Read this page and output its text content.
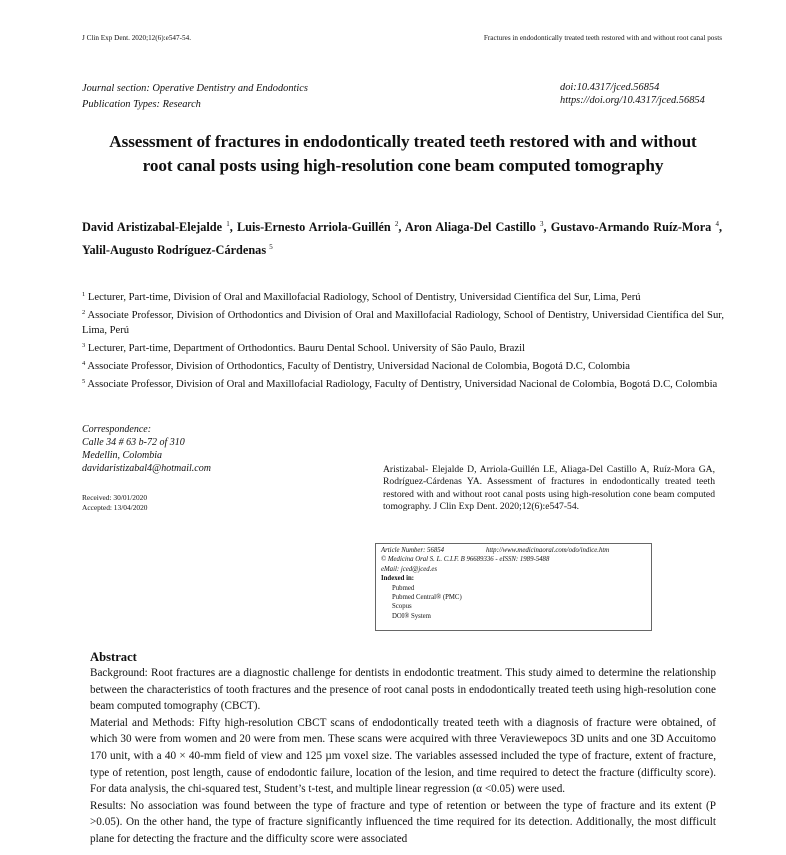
J Clin Exp Dent. 2020;12(6):e547-54.	Fractures in endodontically treated teeth restored with and without root canal posts
Journal section: Operative Dentistry and Endodontics
Publication Types: Research
doi:10.4317/jced.56854
https://doi.org/10.4317/jced.56854
Assessment of fractures in endodontically treated teeth restored with and without
root canal posts using high-resolution cone beam computed tomography
David Aristizabal-Elejalde $^1$, Luis-Ernesto Arriola-Guillén $^2$, Aron Aliaga-Del Castillo $^3$, Gustavo-Armando Ruíz-Mora $^4$, Yalil-Augusto Rodríguez-Cárdenas $^5$
$^1$ Lecturer, Part-time, Division of Oral and Maxillofacial Radiology, School of Dentistry, Universidad Científica del Sur, Lima, Perú
$^2$ Associate Professor, Division of Orthodontics and Division of Oral and Maxillofacial Radiology, School of Dentistry, Universidad Científica del Sur, Lima, Perú
$^3$ Lecturer, Part-time, Department of Orthodontics. Bauru Dental School. University of São Paulo, Brazil
$^4$ Associate Professor, Division of Orthodontics, Faculty of Dentistry, Universidad Nacional de Colombia, Bogotá D.C, Colombia
$^5$ Associate Professor, Division of Oral and Maxillofacial Radiology, Faculty of Dentistry, Universidad Nacional de Colombia, Bogotá D.C, Colombia
Correspondence:
Calle 34 # 63 b-72 of 310
Medellin, Colombia
davidaristizabal4@hotmail.com
Received: 30/01/2020
Accepted: 13/04/2020
Aristizabal- Elejalde D, Arriola-Guillén LE, Aliaga-Del Castillo A, Ruíz-Mora GA, Rodríguez-Cárdenas YA. Assessment of fractures in endodontically treated teeth restored with and without root canal posts using high-resolution cone beam computed tomography. J Clin Exp Dent. 2020;12(6):e547-54.
Article Number: 56854	http://www.medicinaoral.com/odo/indice.htm
© Medicina Oral S. L. C.I.F. B 96689336 - eISSN: 1989-5488
eMail: jced@jced.es
Indexed in:
Pubmed
Pubmed Central® (PMC)
Scopus
DOI® System
Abstract

Background: Root fractures are a diagnostic challenge for dentists in endodontic treatment. This study aimed to determine the relationship between the characteristics of tooth fractures and the presence of root canal posts in endodontically treated teeth using high-resolution cone beam computed tomography (CBCT).

Material and Methods: Fifty high-resolution CBCT scans of endodontically treated teeth with a diagnosis of fracture were obtained, of which 30 were from women and 20 were from men. These scans were acquired with three Veraviewepocs 3D units and one 3D Accuitomo 170 unit, with a 40 × 40-mm field of view and 125 µm voxel size. The variables assessed included the type of fracture, extent of fracture, type of retention, post length, cause of endodontic failure, location of the lesion, and time required to detect the fracture (difficulty score). For data analysis, the chi-squared test, Student’s t-test, and multiple linear regression (α <0.05) were used.

Results: No association was found between the type of fracture and type of retention or between the type of fracture and its extent (P >0.05). On the other hand, the type of fracture significantly influenced the time required for its detection. Additionally, the most difficult plane for detecting the fracture and the difficulty score were associated
